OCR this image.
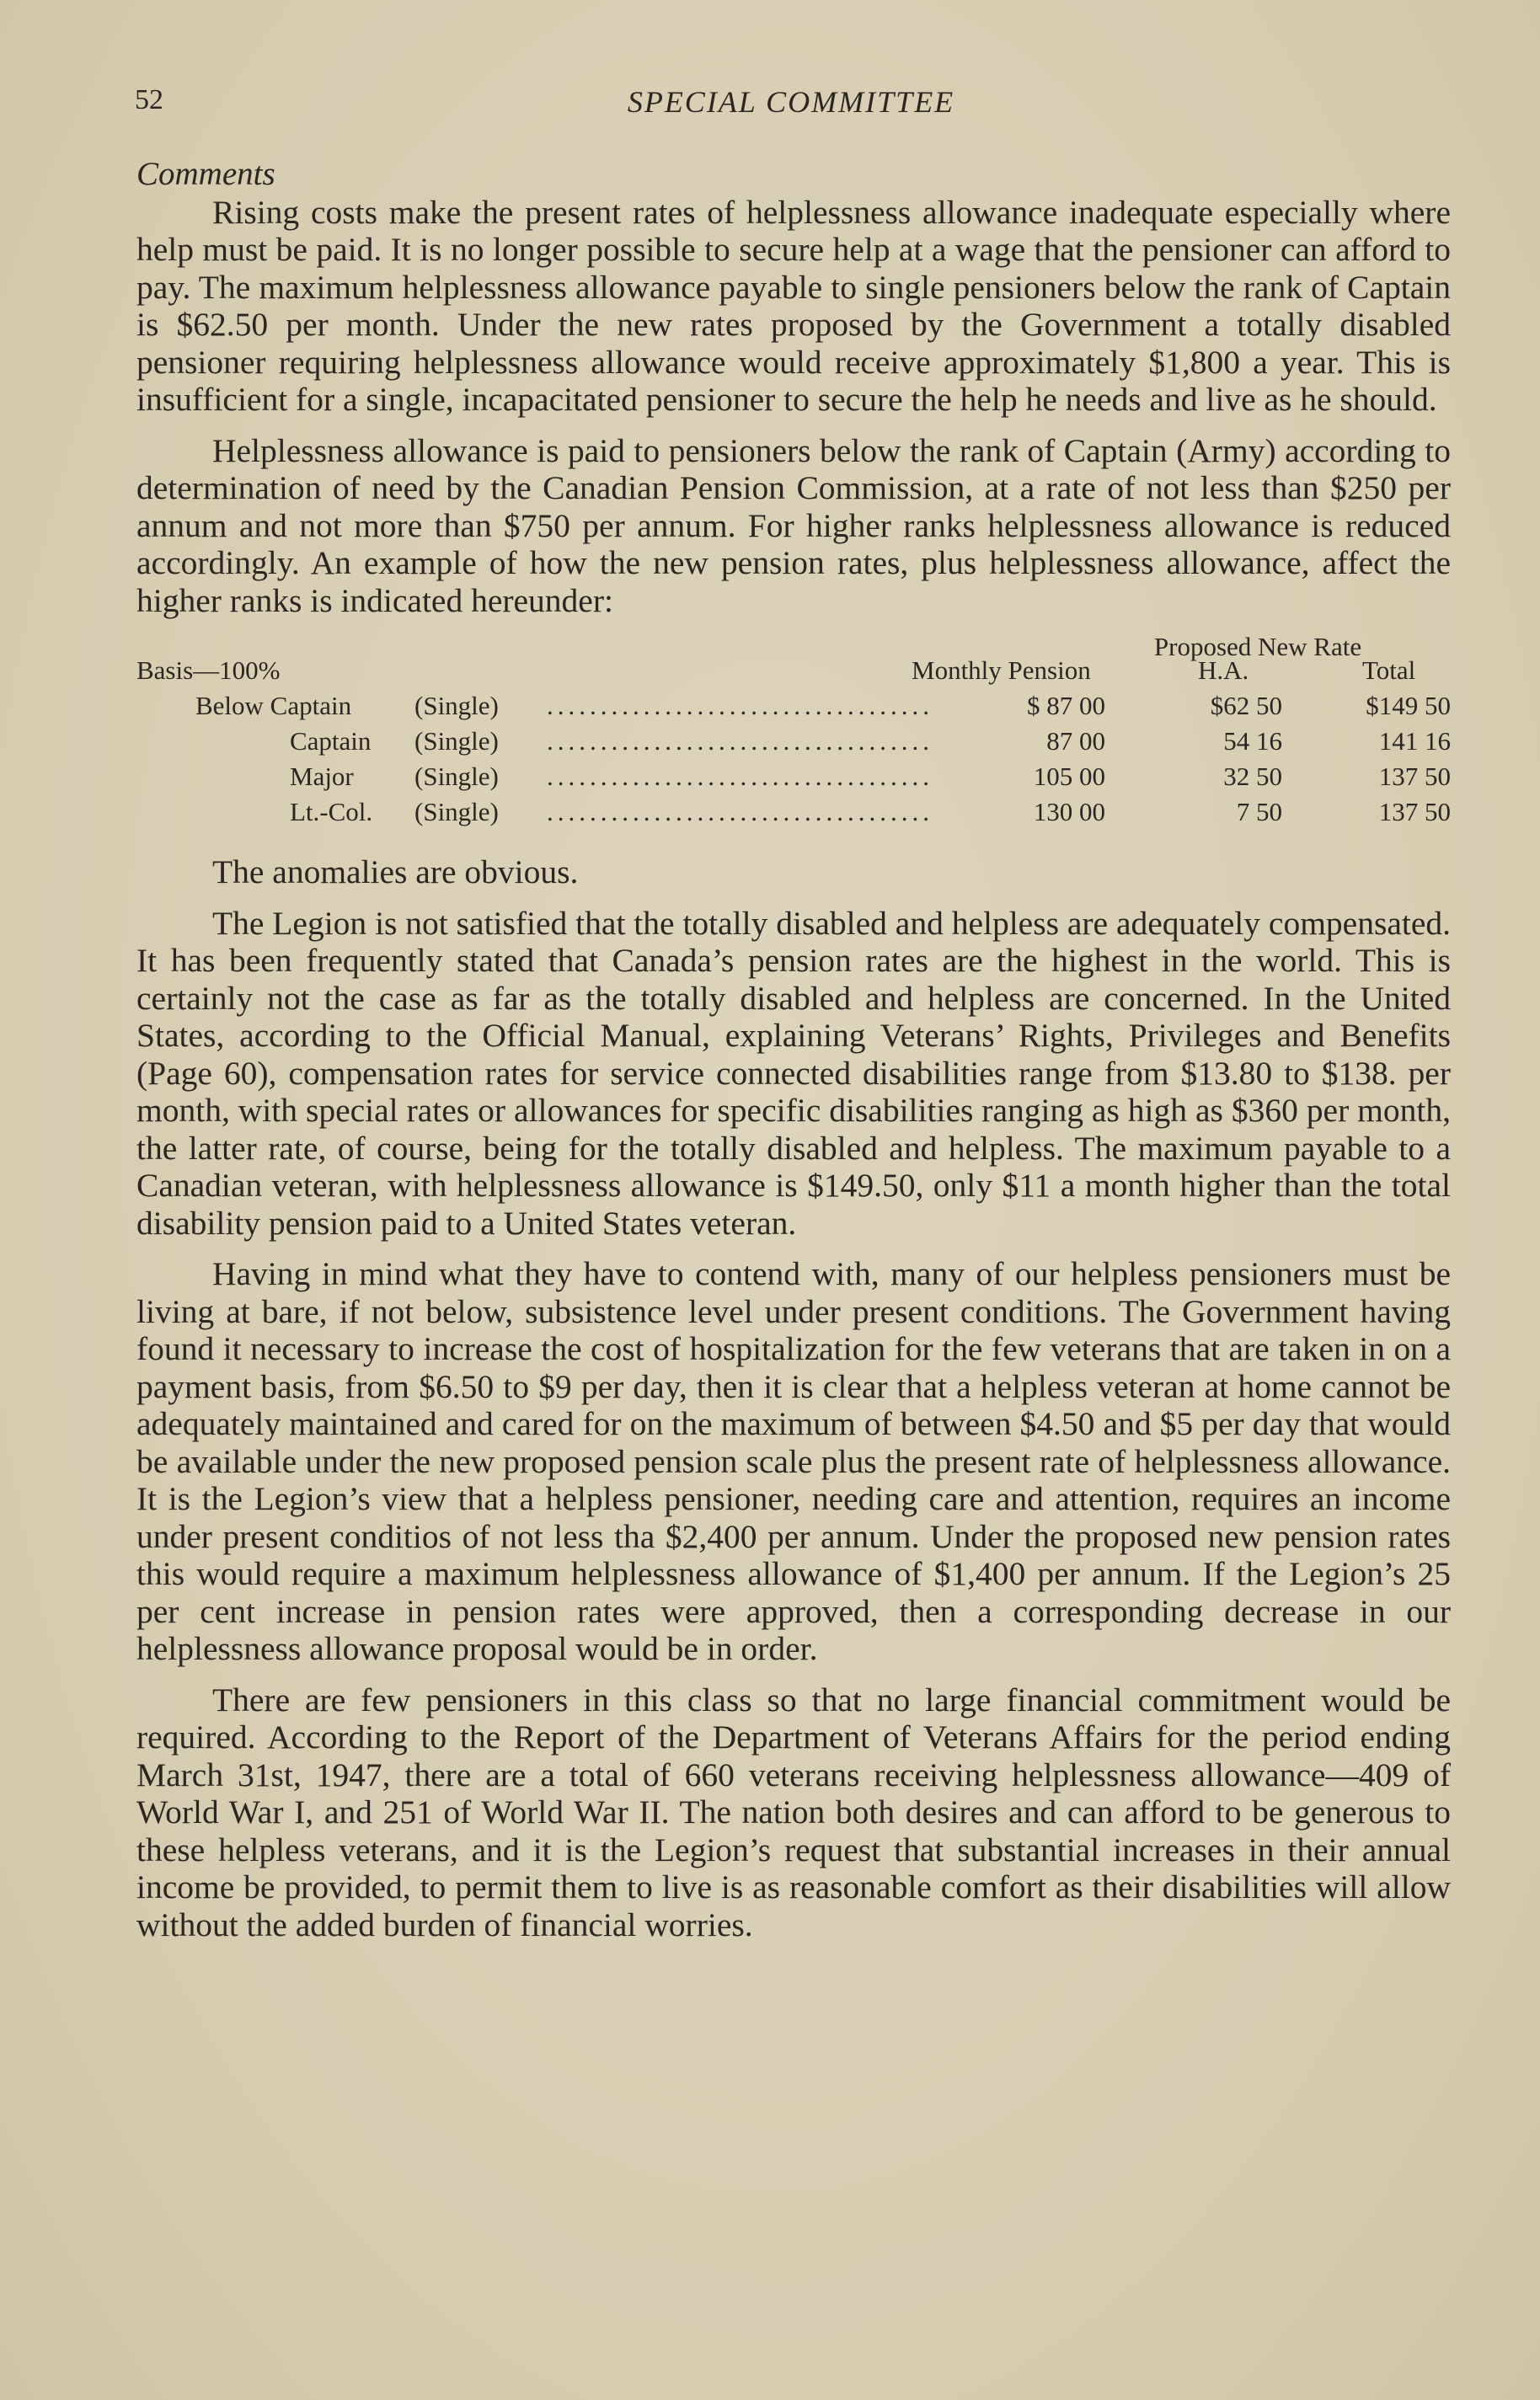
52	SPECIAL COMMITTEE
Comments

Rising costs make the present rates of helplessness allowance inadequate especially where help must be paid. It is no longer possible to secure help at a wage that the pensioner can afford to pay. The maximum helplessness allowance payable to single pensioners below the rank of Captain is $62.50 per month. Under the new rates proposed by the Government a totally disabled pensioner requiring helplessness allowance would receive approximately $1,800 a year. This is insufficient for a single, incapacitated pensioner to secure the help he needs and live as he should.

Helplessness allowance is paid to pensioners below the rank of Captain (Army) according to determination of need by the Canadian Pension Commission, at a rate of not less than $250 per annum and not more than $750 per annum. For higher ranks helplessness allowance is reduced accordingly. An example of how the new pension rates, plus helplessness allowance, affect the higher ranks is indicated hereunder:

Proposed New Rate
Basis—100%	Monthly Pension	H.A.	Total
Below Captain (Single) ....................................	$ 87 00	$62 50	$149 50
Captain (Single) ....................................	87 00	54 16	141 16
Major (Single) ....................................	105 00	32 50	137 50
Lt.-Col. (Single) ....................................	130 00	7 50	137 50

The anomalies are obvious.

The Legion is not satisfied that the totally disabled and helpless are adequately compensated. It has been frequently stated that Canada’s pension rates are the highest in the world. This is certainly not the case as far as the totally disabled and helpless are concerned. In the United States, according to the Official Manual, explaining Veterans’ Rights, Privileges and Benefits (Page 60), compensation rates for service connected disabilities range from $13.80 to $138. per month, with special rates or allowances for specific disabilities ranging as high as $360 per month, the latter rate, of course, being for the totally disabled and helpless. The maximum payable to a Canadian veteran, with helplessness allowance is $149.50, only $11 a month higher than the total disability pension paid to a United States veteran.

Having in mind what they have to contend with, many of our helpless pensioners must be living at bare, if not below, subsistence level under present conditions. The Government having found it necessary to increase the cost of hospitalization for the few veterans that are taken in on a payment basis, from $6.50 to $9 per day, then it is clear that a helpless veteran at home cannot be adequately maintained and cared for on the maximum of between $4.50 and $5 per day that would be available under the new proposed pension scale plus the present rate of helplessness allowance. It is the Legion’s view that a helpless pensioner, needing care and attention, requires an income under present conditios of not less tha $2,400 per annum. Under the proposed new pension rates this would require a maximum helplessness allowance of $1,400 per annum. If the Legion’s 25 per cent increase in pension rates were approved, then a corresponding decrease in our helplessness allowance proposal would be in order.

There are few pensioners in this class so that no large financial commitment would be required. According to the Report of the Department of Veterans Affairs for the period ending March 31st, 1947, there are a total of 660 veterans receiving helplessness allowance—409 of World War I, and 251 of World War II. The nation both desires and can afford to be generous to these helpless veterans, and it is the Legion’s request that substantial increases in their annual income be provided, to permit them to live is as reasonable comfort as their disabilities will allow without the added burden of financial worries.
